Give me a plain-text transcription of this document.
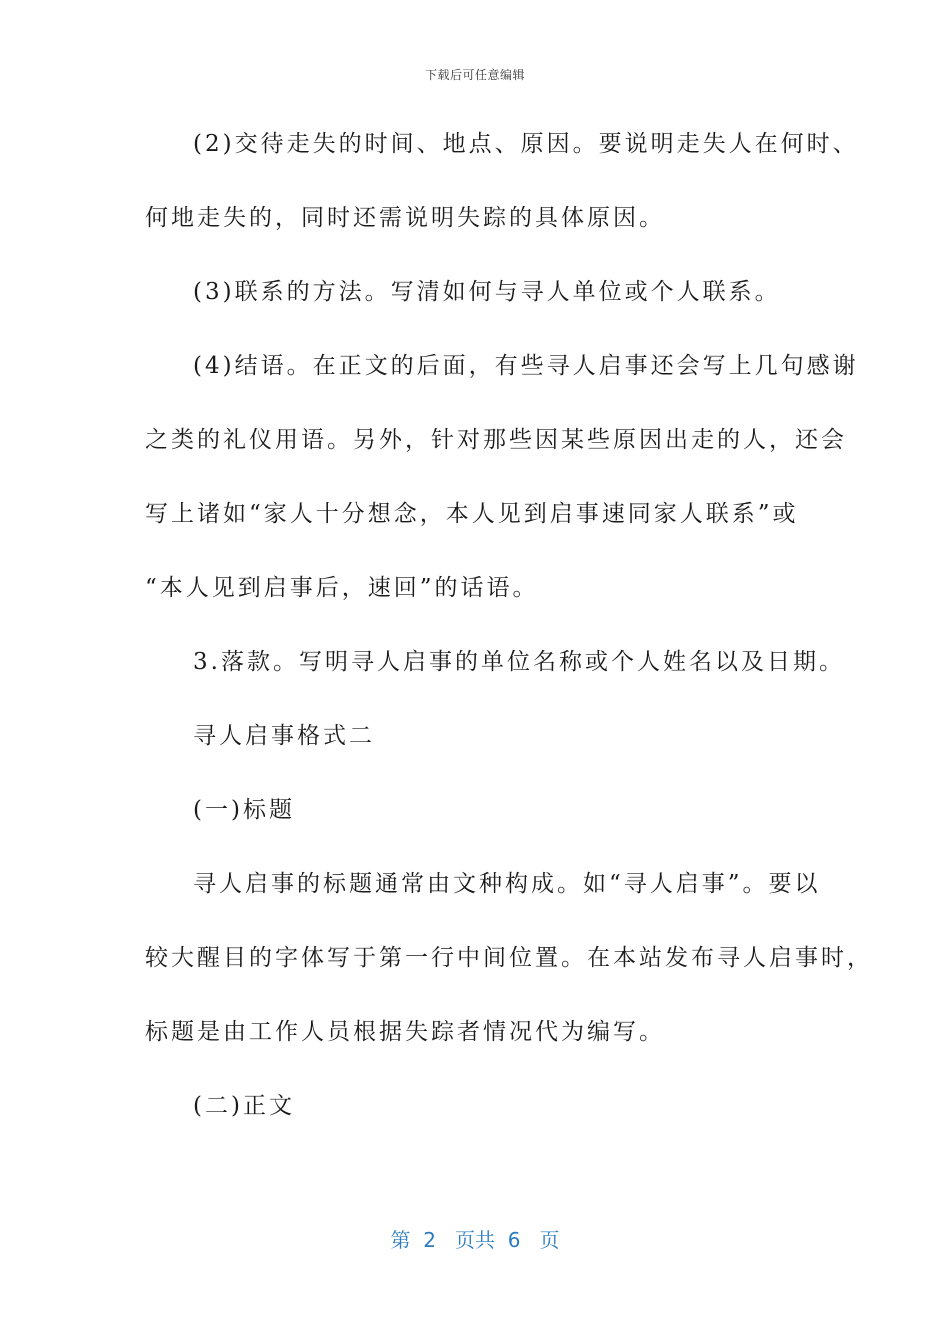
下载后可任意编辑
(2)交待走失的时间、地点、原因。要说明走失人在何时、
何地走失的，同时还需说明失踪的具体原因。
(3)联系的方法。写清如何与寻人单位或个人联系。
(4)结语。在正文的后面，有些寻人启事还会写上几句感谢
之类的礼仪用语。另外，针对那些因某些原因出走的人，还会
写上诸如“家人十分想念，本人见到启事速同家人联系”或
“本人见到启事后，速回”的话语。
3.落款。写明寻人启事的单位名称或个人姓名以及日期。
寻人启事格式二
(一)标题
寻人启事的标题通常由文种构成。如“寻人启事”。要以
较大醒目的字体写于第一行中间位置。在本站发布寻人启事时，
标题是由工作人员根据失踪者情况代为编写。
(二)正文
第 2 页共 6 页
